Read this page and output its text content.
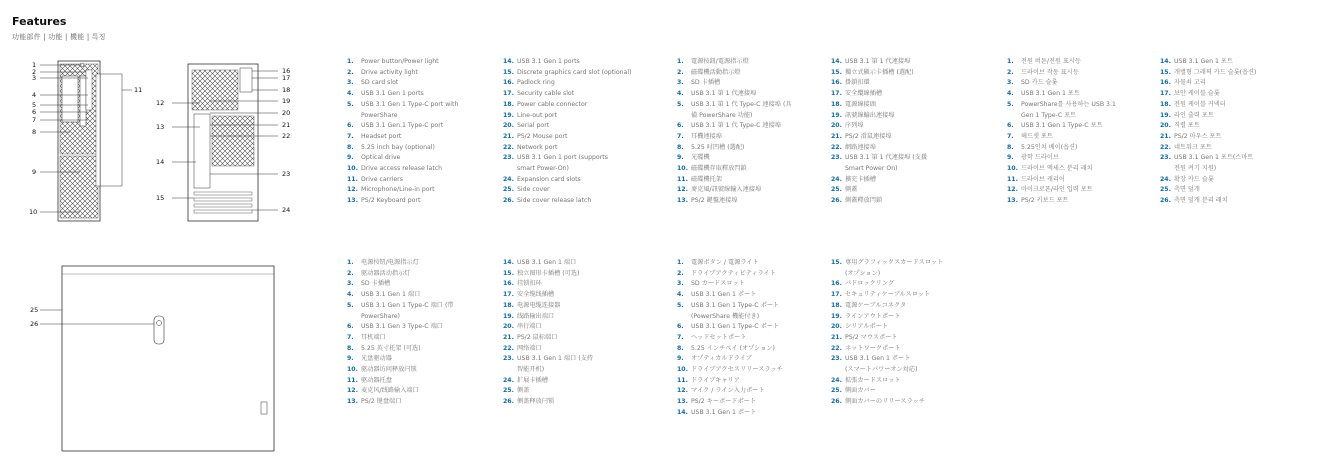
Features
功能部件 | 功能 | 機能 | 특징
1
2
3
4
5
6
7
8
9
10
11
16
17
18
12	19
20
13	21
22
14
23
15
24
25
26
1.	Power button/Power light
2.	Drive activity light
3.	SD card slot
4.	USB 3.1 Gen 1 ports
5.	USB 3.1 Gen 1 Type-C port with
PowerShare
6.	USB 3.1 Gen.1 Type-C port
7.	Headset port
8.	5.25 inch bay (optional)
9.	Optical drive
10. Drive access release latch
11. Drive carriers
12. Microphone/Line-in port
13. PS/2 Keyboard port
14. USB 3.1 Gen 1 ports
15. Discrete graphics card slot (optional)
16. Padlock ring
17. Security cable slot
18. Power cable connector
19. Line-out port
20. Serial port
21. PS/2 Mouse port
22. Network port
23. USB 3.1 Gen 1 port (supports
smart Power-On)
24. Expansion card slots
25. Side cover
26. Side cover release latch
1.	電源按鈕/電源指示燈
2.	磁碟機活動指示燈
3.	SD 卡插槽
4.	USB 3.1 第 1 代連接埠
5.	USB 3.1 第 1 代 Type-C 連接埠 (具
備 PowerShare 功能)
6.	USB 3.1 第 1 代 Type-C 連接埠
7.	耳機連接埠
8.	5.25 吋凹槽 (選配)
9.	光碟機
10. 磁碟機存取釋放閂鎖
11. 磁碟機托架
12. 麥克風/訊號線輸入連接埠
13. PS/2 鍵盤連接埠
14. USB 3.1 第 1 代連接埠
15. 獨立式顯示卡插槽 (選配)
16. 掛鎖扣環
17. 安全纜線插槽
18. 電源線接頭
19. 訊號線輸出連接埠
20. 序列埠
21. PS/2 滑鼠連接埠
22. 網路連接埠
23. USB 3.1 第 1 代連接埠 (支援
Smart Power On)
24. 擴充卡插槽
25. 側蓋
26. 側蓋釋放閂鎖
1.	전원 버튼/전원 표시등
2.	드라이브 작동 표시등
3.	SD 카드 슬롯
4.	USB 3.1 Gen 1 포트
5.	PowerShare를 사용하는 USB 3.1
Gen 1 Type-C 포트
6.	USB 3.1 Gen 1 Type-C 포트
7.	헤드셋 포트
8.	5.25인치 베이(옵션)
9.	광학 드라이브
10. 드라이브 액세스 분리 래치
11. 드라이브 캐리어
12. 마이크로폰/라인 입력 포트
13. PS/2 키보드 포트
14. USB 3.1 Gen 1 포트
15. 개별형 그래픽 카드 슬롯(옵션)
16. 자물쇠 고리
17. 보안 케이블 슬롯
18. 전원 케이블 커넥터
19. 라인 출력 포트
20. 직렬 포트
21. PS/2 마우스 포트
22. 네트워크 포트
23. USB 3.1 Gen 1 포트(스마트
전원 켜기 지원)
24. 확장 카드 슬롯
25. 측면 덮개
26. 측면 덮개 분리 래치
1.	电源按钮/电源指示灯
2.	驱动器活动指示灯
3.	SD 卡插槽
4.	USB 3.1 Gen 1 端口
5.	USB 3.1 Gen 1 Type-C 端口 (带
PowerShare)
6.	USB 3.1 Gen 3 Type-C 端口
7.	耳机端口
8.	5.25 英寸托架 (可选)
9.	光盘驱动器
10. 驱动器访问释放闩锁
11. 驱动器托盘
12. 麦克风/线路输入端口
13. PS/2 键盘端口
14. USB 3.1 Gen 1 端口
15. 独立图形卡插槽 (可选)
16. 挂锁扣环
17. 安全缆线插槽
18. 电源电缆连接器
19. 线路输出端口
20. 串行端口
21. PS/2 鼠标端口
22. 网络端口
23. USB 3.1 Gen 1 端口 (支持
智能开机)
24. 扩展卡插槽
25. 侧盖
26. 侧盖释放闩锁
1.	電源ボタン / 電源ライト
2.	ドライブアクティビティライト
3.	SD カードスロット
4.	USB 3.1 Gen 1 ポート
5.	USB 3.1 Gen 1 Type-C ポート
(PowerShare 機能付き)
6.	USB 3.1 Gen 1 Type-C ポート
7.	ヘッドセットポート
8.	5.25 インチベイ (オプション)
9.	オプティカルドライブ
10. ドライブアクセスリリースラッチ
11. ドライブキャリア
12. マイク / ライン入力ポート
13. PS/2 キーボードポート
14. USB 3.1 Gen 1 ポート
15. 専用グラフィックスカードスロット
(オプション)
16. パドロックリング
17. セキュリティケーブルスロット
18. 電源ケーブルコネクタ
19. ラインアウトポート
20. シリアルポート
21. PS/2 マウスポート
22. ネットワークポート
23. USB 3.1 Gen 1 ポート
(スマートパワーオン対応)
24. 拡張カードスロット
25. 側面カバー
26. 側面カバーのリリースラッチ
